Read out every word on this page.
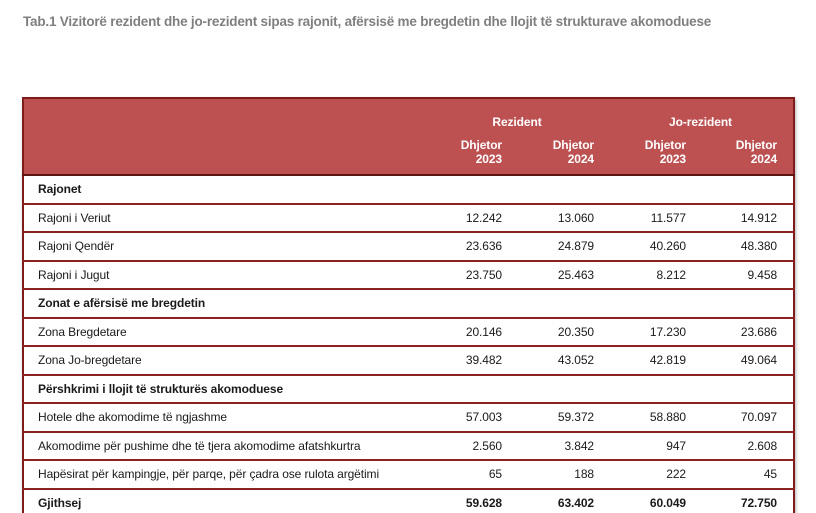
Tab.1 Vizitorë rezident dhe jo-rezident sipas rajonit, afërsisë me bregdetin dhe llojit të strukturave akomoduese
	Rezident		Jo-rezident	
	Dhjetor 2023	Dhjetor 2024	Dhjetor 2023	Dhjetor 2024
Rajonet				
Rajoni i Veriut	12.242	13.060	11.577	14.912
Rajoni Qendër	23.636	24.879	40.260	48.380
Rajoni i Jugut	23.750	25.463	8.212	9.458
Zonat e afërsisë me bregdetin				
Zona Bregdetare	20.146	20.350	17.230	23.686
Zona Jo-bregdetare	39.482	43.052	42.819	49.064
Përshkrimi i llojit të strukturës akomoduese				
Hotele dhe akomodime të ngjashme	57.003	59.372	58.880	70.097
Akomodime për pushime dhe të tjera akomodime afatshkurtra	2.560	3.842	947	2.608
Hapësirat për kampingje, për parqe, për çadra ose rulota argëtimi	65	188	222	45
Gjithsej	59.628	63.402	60.049	72.750
